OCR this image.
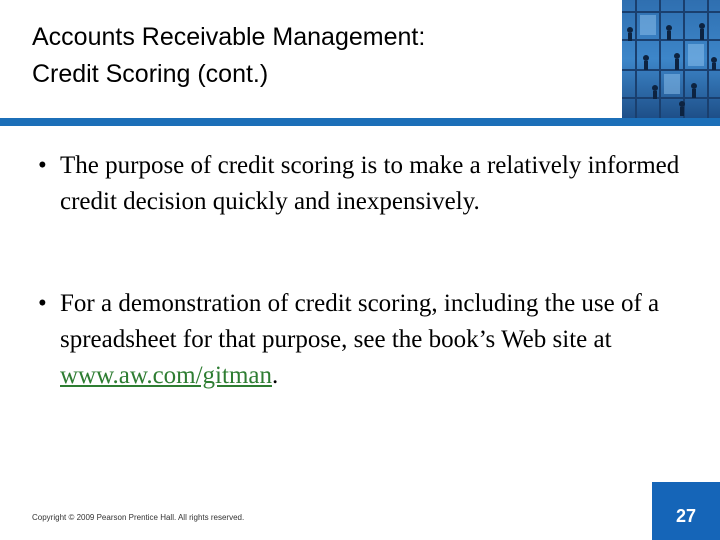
Accounts Receivable Management:
Credit Scoring (cont.)
• The purpose of credit scoring is to make a relatively informed credit decision quickly and inexpensively.
• For a demonstration of credit scoring, including the use of a spreadsheet for that purpose, see the book’s Web site at www.aw.com/gitman.
Copyright © 2009 Pearson Prentice Hall. All rights reserved.	27
